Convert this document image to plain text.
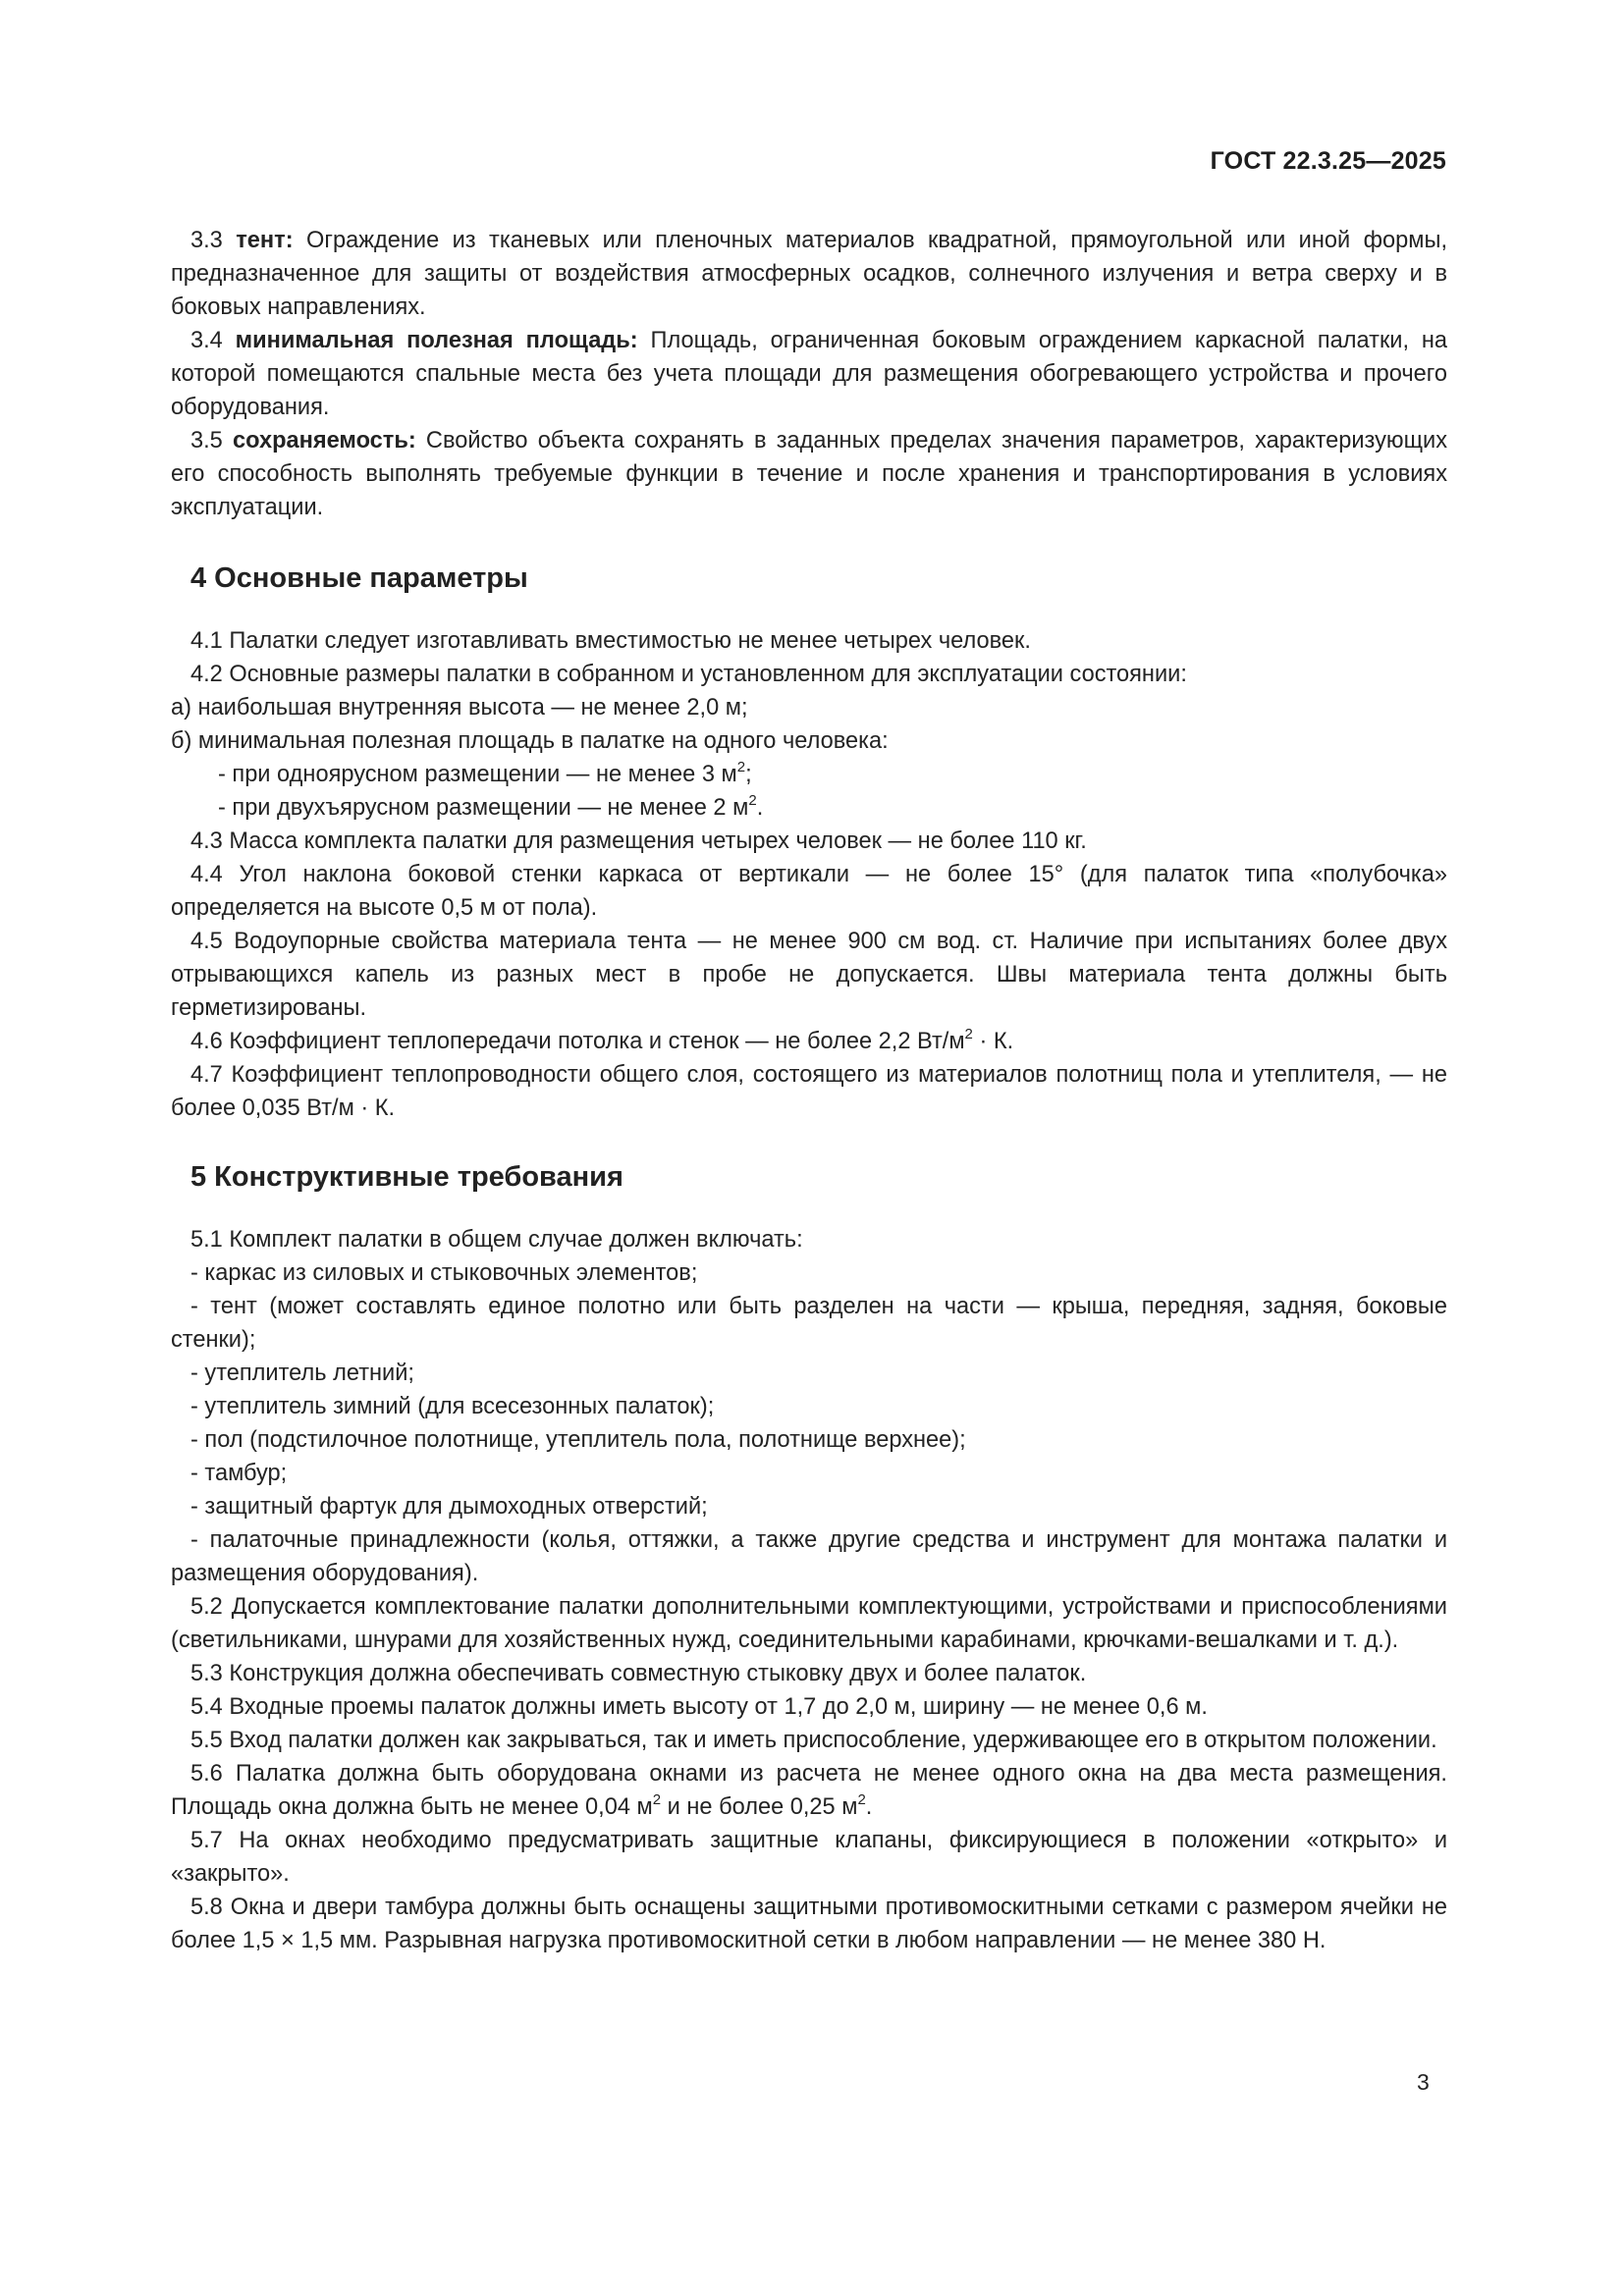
ГОСТ 22.3.25—2025

3.3 тент: Ограждение из тканевых или пленочных материалов квадратной, прямоугольной или иной формы, предназначенное для защиты от воздействия атмосферных осадков, солнечного излучения и ветра сверху и в боковых направлениях.

3.4 минимальная полезная площадь: Площадь, ограниченная боковым ограждением каркасной палатки, на которой помещаются спальные места без учета площади для размещения обогревающего устройства и прочего оборудования.

3.5 сохраняемость: Свойство объекта сохранять в заданных пределах значения параметров, характеризующих его способность выполнять требуемые функции в течение и после хранения и транспортирования в условиях эксплуатации.

4 Основные параметры

4.1 Палатки следует изготавливать вместимостью не менее четырех человек.

4.2 Основные размеры палатки в собранном и установленном для эксплуатации состоянии:

а) наибольшая внутренняя высота — не менее 2,0 м;

б) минимальная полезная площадь в палатке на одного человека:

- при одноярусном размещении — не менее 3 $м^2$;

- при двухъярусном размещении — не менее 2 $м^2$.

4.3 Масса комплекта палатки для размещения четырех человек — не более 110 кг.

4.4 Угол наклона боковой стенки каркаса от вертикали — не более 15° (для палаток типа «полубочка» определяется на высоте 0,5 м от пола).

4.5 Водоупорные свойства материала тента — не менее 900 см вод. ст. Наличие при испытаниях более двух отрывающихся капель из разных мест в пробе не допускается. Швы материала тента должны быть герметизированы.

4.6 Коэффициент теплопередачи потолка и стенок — не более 2,2 $Вт/м^2 \cdot К$.

4.7 Коэффициент теплопроводности общего слоя, состоящего из материалов полотнищ пола и утеплителя, — не более 0,035 Вт/м · К.

5 Конструктивные требования

5.1 Комплект палатки в общем случае должен включать:

- каркас из силовых и стыковочных элементов;

- тент (может составлять единое полотно или быть разделен на части — крыша, передняя, задняя, боковые стенки);

- утеплитель летний;

- утеплитель зимний (для всесезонных палаток);

- пол (подстилочное полотнище, утеплитель пола, полотнище верхнее);

- тамбур;

- защитный фартук для дымоходных отверстий;

- палаточные принадлежности (колья, оттяжки, а также другие средства и инструмент для монтажа палатки и размещения оборудования).

5.2 Допускается комплектование палатки дополнительными комплектующими, устройствами и приспособлениями (светильниками, шнурами для хозяйственных нужд, соединительными карабинами, крючками-вешалками и т. д.).

5.3 Конструкция должна обеспечивать совместную стыковку двух и более палаток.

5.4 Входные проемы палаток должны иметь высоту от 1,7 до 2,0 м, ширину — не менее 0,6 м.

5.5 Вход палатки должен как закрываться, так и иметь приспособление, удерживающее его в открытом положении.

5.6 Палатка должна быть оборудована окнами из расчета не менее одного окна на два места размещения. Площадь окна должна быть не менее 0,04 $м^2$ и не более 0,25 $м^2$.

5.7 На окнах необходимо предусматривать защитные клапаны, фиксирующиеся в положении «открыто» и «закрыто».

5.8 Окна и двери тамбура должны быть оснащены защитными противомоскитными сетками с размером ячейки не более 1,5 × 1,5 мм. Разрывная нагрузка противомоскитной сетки в любом направлении — не менее 380 Н.

3
